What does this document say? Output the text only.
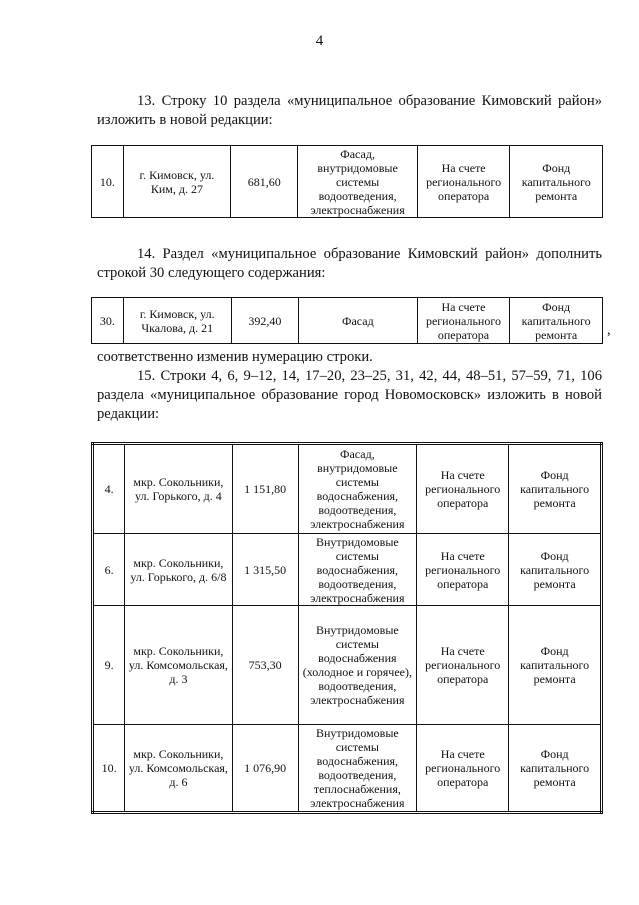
4
13. Строку 10 раздела «муниципальное образование Кимовский район» изложить в новой редакции:
10.	г. Кимовск, ул. Ким, д. 27	681,60	Фасад, внутридомовые системы водоотведения, электроснабжения	На счете регионального оператора	Фонд капитального ремонта
14. Раздел «муниципальное образование Кимовский район» дополнить строкой 30 следующего содержания:
30.	г. Кимовск, ул. Чкалова, д. 21	392,40	Фасад	На счете регионального оператора	Фонд капитального ремонта ,
соответственно изменив нумерацию строки.
15. Строки 4, 6, 9–12, 14, 17–20, 23–25, 31, 42, 44, 48–51, 57–59, 71, 106 раздела «муниципальное образование город Новомосковск» изложить в новой редакции:
4.	мкр. Сокольники, ул. Горького, д. 4	1 151,80	Фасад, внутридомовые системы водоснабжения, водоотведения, электроснабжения	На счете регионального оператора	Фонд капитального ремонта
6.	мкр. Сокольники, ул. Горького, д. 6/8	1 315,50	Внутридомовые системы водоснабжения, водоотведения, электроснабжения	На счете регионального оператора	Фонд капитального ремонта
9.	мкр. Сокольники, ул. Комсомольская, д. 3	753,30	Внутридомовые системы водоснабжения (холодное и горячее), водоотведения, электроснабжения	На счете регионального оператора	Фонд капитального ремонта
10.	мкр. Сокольники, ул. Комсомольская, д. 6	1 076,90	Внутридомовые системы водоснабжения, водоотведения, теплоснабжения, электроснабжения	На счете регионального оператора	Фонд капитального ремонта
